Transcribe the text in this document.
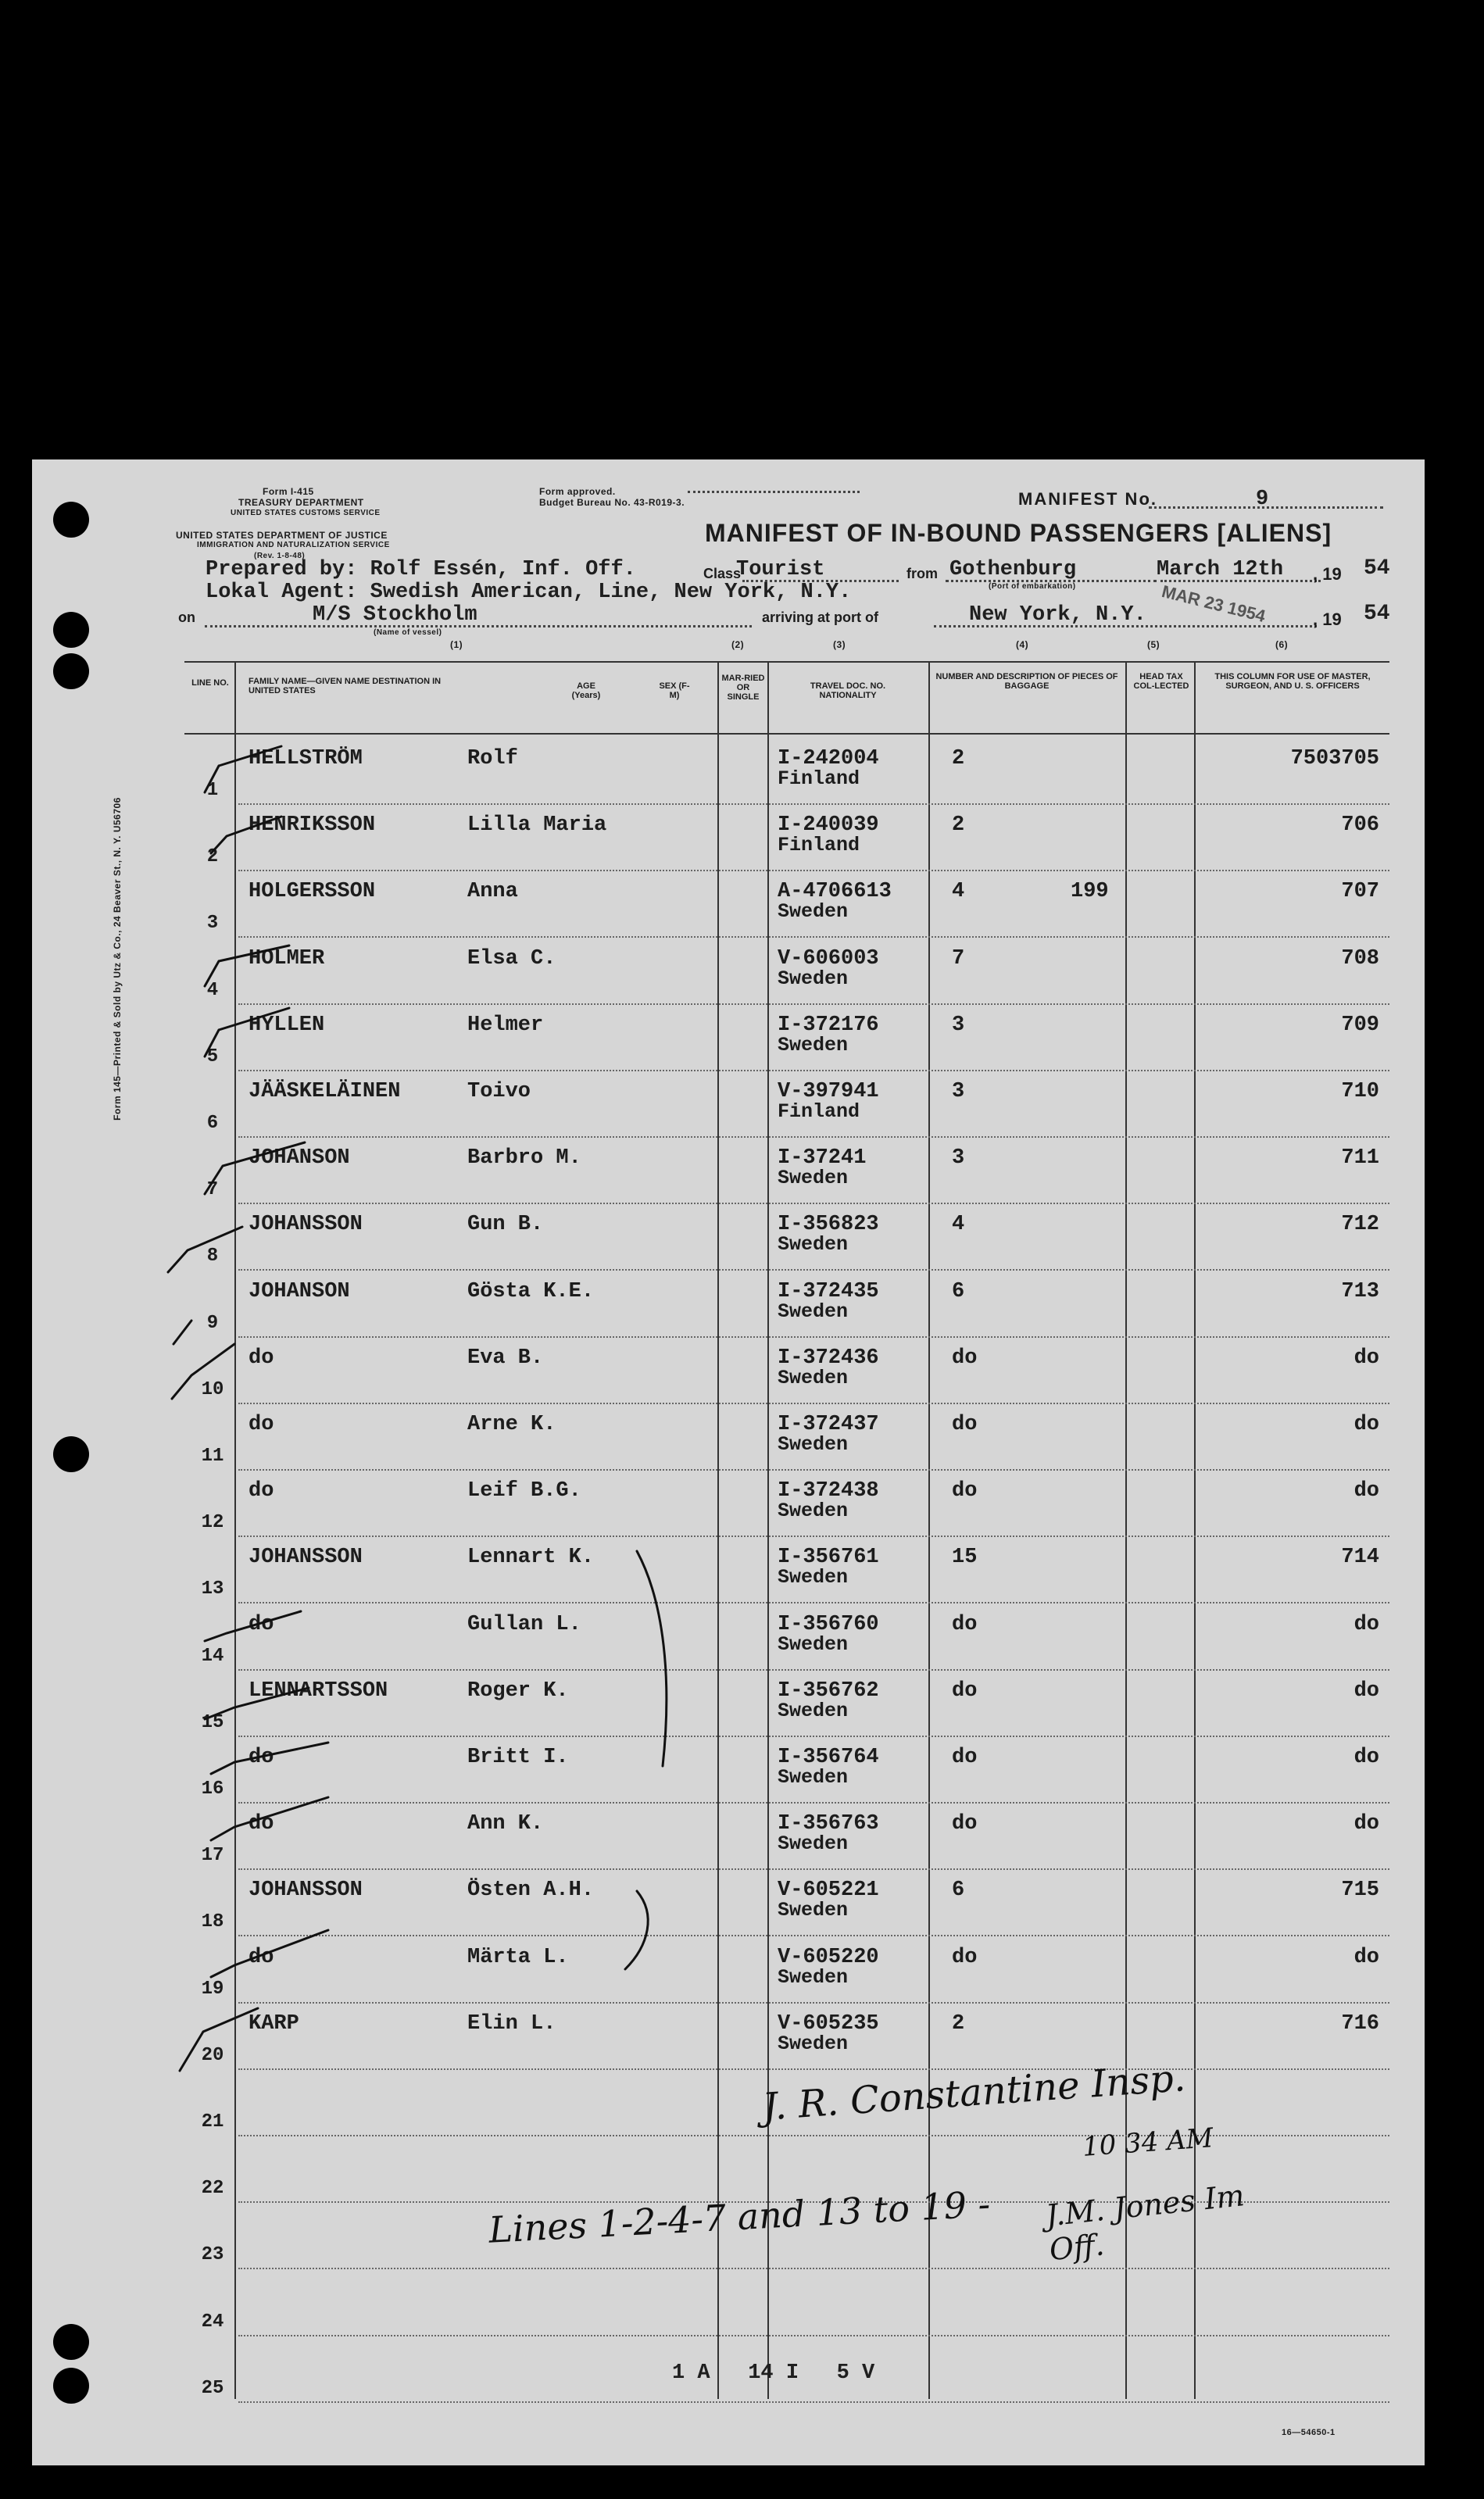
Form I-415
TREASURY DEPARTMENT
UNITED STATES CUSTOMS SERVICE
UNITED STATES DEPARTMENT OF JUSTICE
IMMIGRATION AND NATURALIZATION SERVICE
(Rev. 1-8-48)
Form approved.
Budget Bureau No. 43-R019-3.	MANIFEST No.	9
MANIFEST OF IN-BOUND PASSENGERS [ALIENS]
Prepared by: Rolf Essén, Inf. Off.
Lokal Agent: Swedish American, Line, New York, N.Y.
Class
Tourist	from Gothenburg
(Port of embarkation)
March 12th , 19 54
on	M/S Stockholm
(Name of vessel)
arriving at port of	New York, N.Y.	, 19 54
MAR 23 1954
(1)	(2)	(3)	(4)	(5)	(6)
Form 145—Printed & Sold by Utz & Co., 24 Beaver St., N. Y. U56706
LINE NO.	FAMILY NAME—GIVEN NAME DESTINATION IN UNITED STATES	AGE (Years)
SEX (F-M)
MAR-RIED OR SINGLE
TRAVEL DOC. NO. NATIONALITY
NUMBER AND DESCRIPTION OF PIECES OF BAGGAGE
HEAD TAX COL-LECTED
THIS COLUMN FOR USE OF MASTER, SURGEON, AND U. S. OFFICERS
1
HELLSTRÖM	Rolf	I-242004
Finland
2	7503705
2
HENRIKSSON	Lilla Maria	I-240039
Finland
2	706
3
HOLGERSSON	Anna	A-4706613
Sweden
4	199	707
4
HOLMER	Elsa C.	V-606003
Sweden
7	708
5
HYLLEN	Helmer	I-372176
Sweden
3	709
6
JÄÄSKELÄINEN	Toivo	V-397941
Finland
3	710
7
JOHANSON	Barbro M.	I-37241
Sweden
3	711
8
JOHANSSON	Gun B.	I-356823
Sweden
4	712
9
JOHANSON	Gösta K.E.	I-372435
Sweden
6	713
10
do	Eva B.	I-372436
Sweden
do	do
11
do	Arne K.	I-372437
Sweden
do	do
12
do	Leif B.G.	I-372438
Sweden
do	do
13
JOHANSSON	Lennart K.	I-356761
Sweden
15	714
14
do	Gullan L.	I-356760
Sweden
do	do
15
LENNARTSSON	Roger K.	I-356762
Sweden
do	do
16
do	Britt I.	I-356764
Sweden
do	do
17
do	Ann K.	I-356763
Sweden
do	do
18
JOHANSSON	Östen A.H.	V-605221
Sweden
6	715
19
do	Märta L.	V-605220
Sweden
do	do
20
KARP	Elin L.	V-605235
Sweden
2	716
21
22
23
24
25
J. R. Constantine Insp.
10 34 AM
Lines 1-2-4-7 and 13 to 19 - J.M. Jones Im Off.
1 A   14 I   5 V
16—54650-1
